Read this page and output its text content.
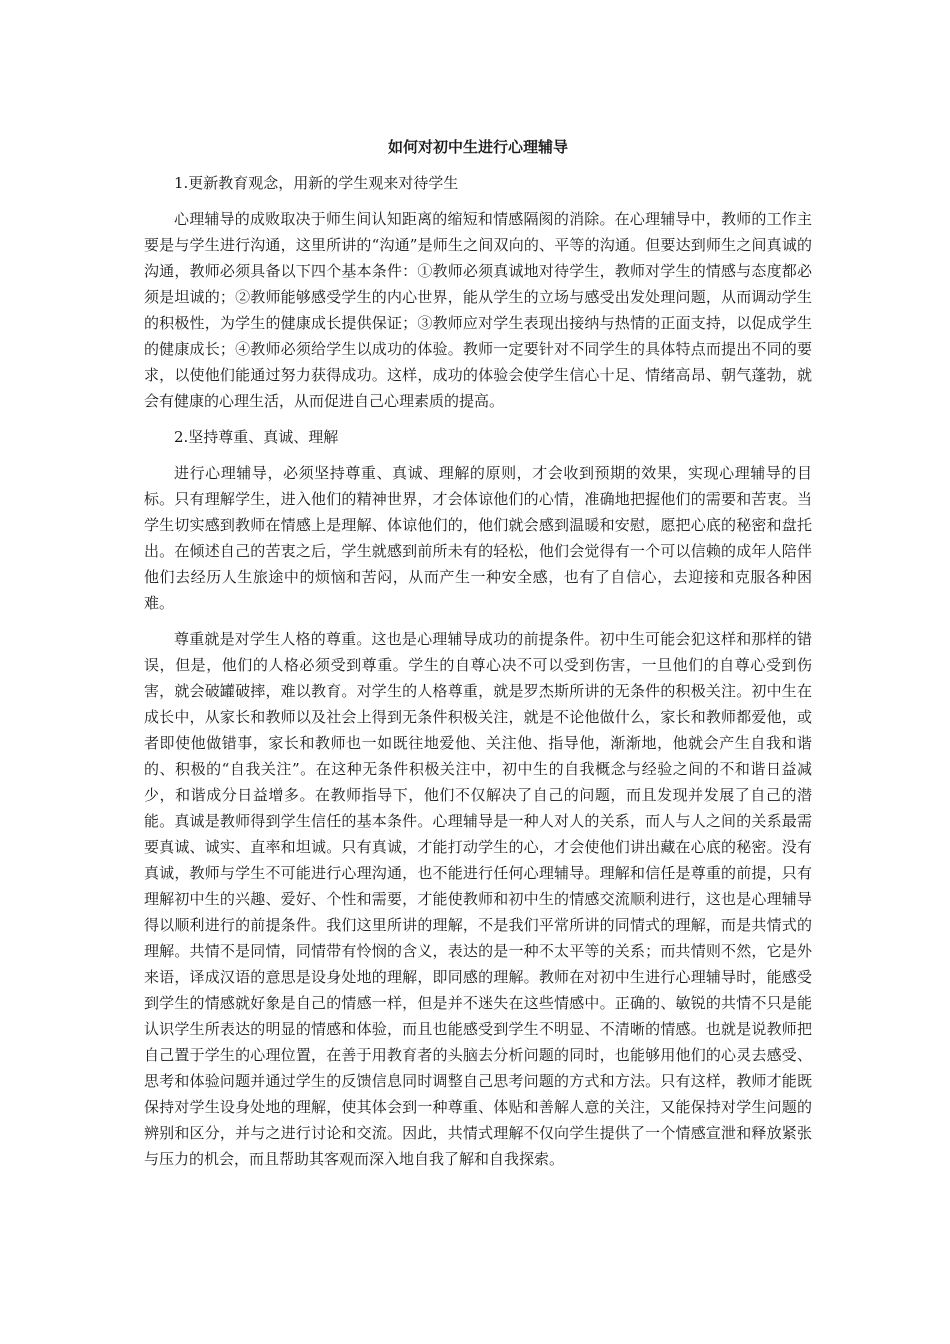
如何对初中生进行心理辅导
1.更新教育观念，用新的学生观来对待学生

心理辅导的成败取决于师生间认知距离的缩短和情感隔阂的消除。在心理辅导中，教师的工作主要是与学生进行沟通，这里所讲的“沟通”是师生之间双向的、平等的沟通。但要达到师生之间真诚的沟通，教师必须具备以下四个基本条件：①教师必须真诚地对待学生，教师对学生的情感与态度都必须是坦诚的；②教师能够感受学生的内心世界，能从学生的立场与感受出发处理问题，从而调动学生的积极性，为学生的健康成长提供保证；③教师应对学生表现出接纳与热情的正面支持，以促成学生的健康成长；④教师必须给学生以成功的体验。教师一定要针对不同学生的具体特点而提出不同的要求，以使他们能通过努力获得成功。这样，成功的体验会使学生信心十足、情绪高昂、朝气蓬勃，就会有健康的心理生活，从而促进自己心理素质的提高。

2.坚持尊重、真诚、理解

进行心理辅导，必须坚持尊重、真诚、理解的原则，才会收到预期的效果，实现心理辅导的目标。只有理解学生，进入他们的精神世界，才会体谅他们的心情，准确地把握他们的需要和苦衷。当学生切实感到教师在情感上是理解、体谅他们的，他们就会感到温暖和安慰，愿把心底的秘密和盘托出。在倾述自己的苦衷之后，学生就感到前所未有的轻松，他们会觉得有一个可以信赖的成年人陪伴他们去经历人生旅途中的烦恼和苦闷，从而产生一种安全感，也有了自信心，去迎接和克服各种困难。

尊重就是对学生人格的尊重。这也是心理辅导成功的前提条件。初中生可能会犯这样和那样的错误，但是，他们的人格必须受到尊重。学生的自尊心决不可以受到伤害，一旦他们的自尊心受到伤害，就会破罐破摔，难以教育。对学生的人格尊重，就是罗杰斯所讲的无条件的积极关注。初中生在成长中，从家长和教师以及社会上得到无条件积极关注，就是不论他做什么，家长和教师都爱他，或者即使他做错事，家长和教师也一如既往地爱他、关注他、指导他，渐渐地，他就会产生自我和谐的、积极的“自我关注”。在这种无条件积极关注中，初中生的自我概念与经验之间的不和谐日益减少，和谐成分日益增多。在教师指导下，他们不仅解决了自己的问题，而且发现并发展了自己的潜能。真诚是教师得到学生信任的基本条件。心理辅导是一种人对人的关系，而人与人之间的关系最需要真诚、诚实、直率和坦诚。只有真诚，才能打动学生的心，才会使他们讲出藏在心底的秘密。没有真诚，教师与学生不可能进行心理沟通，也不能进行任何心理辅导。理解和信任是尊重的前提，只有理解初中生的兴趣、爱好、个性和需要，才能使教师和初中生的情感交流顺利进行，这也是心理辅导得以顺利进行的前提条件。我们这里所讲的理解，不是我们平常所讲的同情式的理解，而是共情式的理解。共情不是同情，同情带有怜悯的含义，表达的是一种不太平等的关系；而共情则不然，它是外来语，译成汉语的意思是设身处地的理解，即同感的理解。教师在对初中生进行心理辅导时，能感受到学生的情感就好象是自己的情感一样，但是并不迷失在这些情感中。正确的、敏锐的共情不只是能认识学生所表达的明显的情感和体验，而且也能感受到学生不明显、不清晰的情感。也就是说教师把自己置于学生的心理位置，在善于用教育者的头脑去分析问题的同时，也能够用他们的心灵去感受、思考和体验问题并通过学生的反馈信息同时调整自己思考问题的方式和方法。只有这样，教师才能既保持对学生设身处地的理解，使其体会到一种尊重、体贴和善解人意的关注，又能保持对学生问题的辨别和区分，并与之进行讨论和交流。因此，共情式理解不仅向学生提供了一个情感宣泄和释放紧张与压力的机会，而且帮助其客观而深入地自我了解和自我探索。
